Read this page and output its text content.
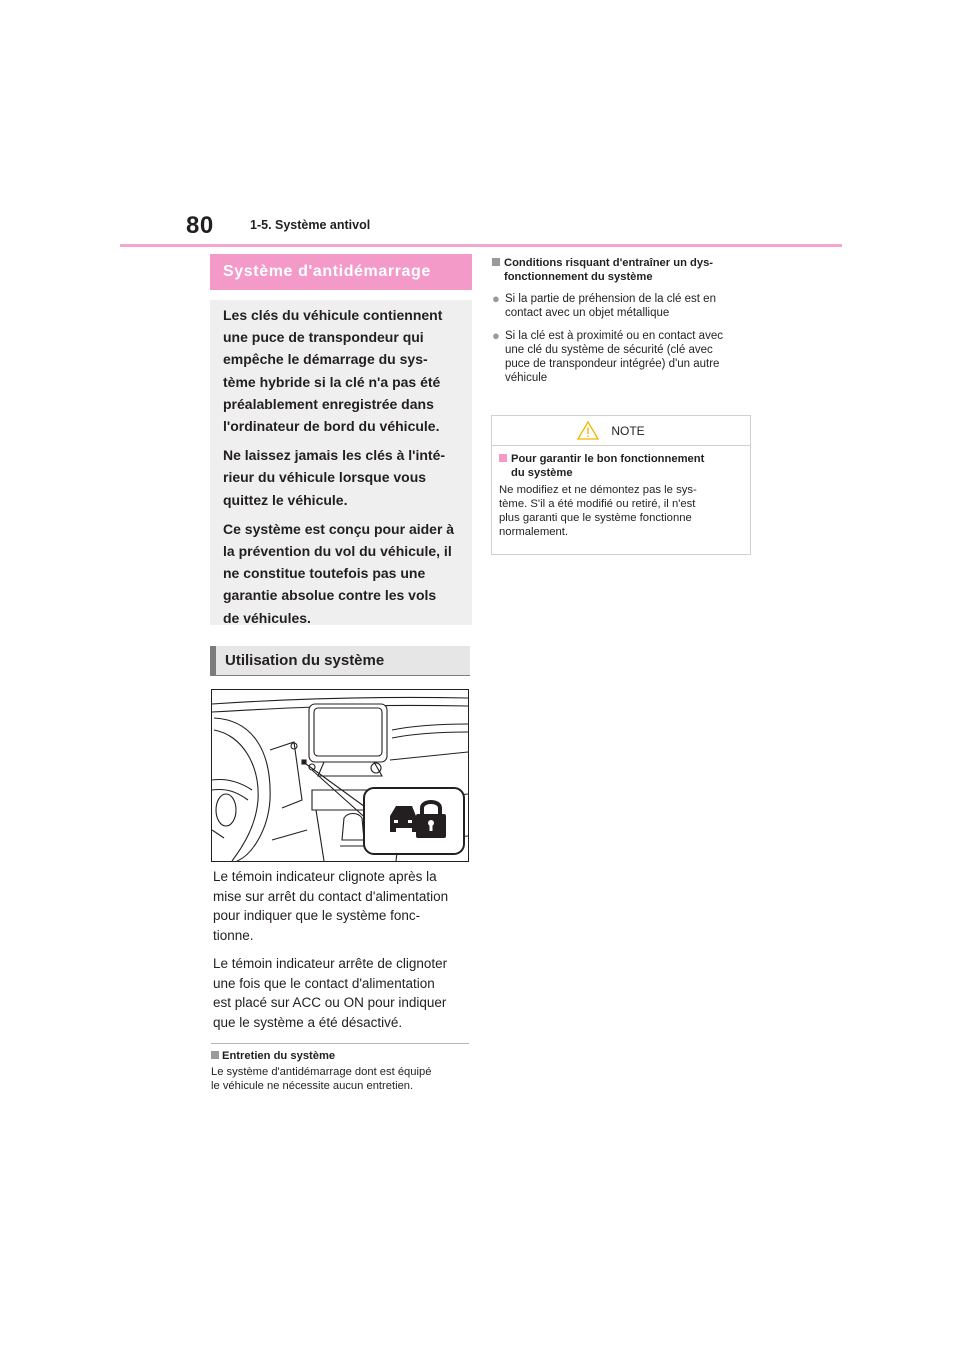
80	1-5. Système antivol
Système d'antidémarrage

Les clés du véhicule contiennent
une puce de transpondeur qui
empêche le démarrage du sys-
tème hybride si la clé n'a pas été
préalablement enregistrée dans
l'ordinateur de bord du véhicule.

Ne laissez jamais les clés à l'inté-
rieur du véhicule lorsque vous
quittez le véhicule.

Ce système est conçu pour aider à
la prévention du vol du véhicule, il
ne constitue toutefois pas une
garantie absolue contre les vols
de véhicules.

Utilisation du système

Le témoin indicateur clignote après la
mise sur arrêt du contact d'alimentation
pour indiquer que le système fonc-
tionne.

Le témoin indicateur arrête de clignoter
une fois que le contact d'alimentation
est placé sur ACC ou ON pour indiquer
que le système a été désactivé.

Entretien du système
Le système d'antidémarrage dont est équipé
le véhicule ne nécessite aucun entretien.
Conditions risquant d'entraîner un dys-
fonctionnement du système
● Si la partie de préhension de la clé est en
contact avec un objet métallique
● Si la clé est à proximité ou en contact avec
une clé du système de sécurité (clé avec
puce de transpondeur intégrée) d'un autre
véhicule
NOTE
Pour garantir le bon fonctionnement
du système
Ne modifiez et ne démontez pas le sys-
tème. S'il a été modifié ou retiré, il n'est
plus garanti que le système fonctionne
normalement.
